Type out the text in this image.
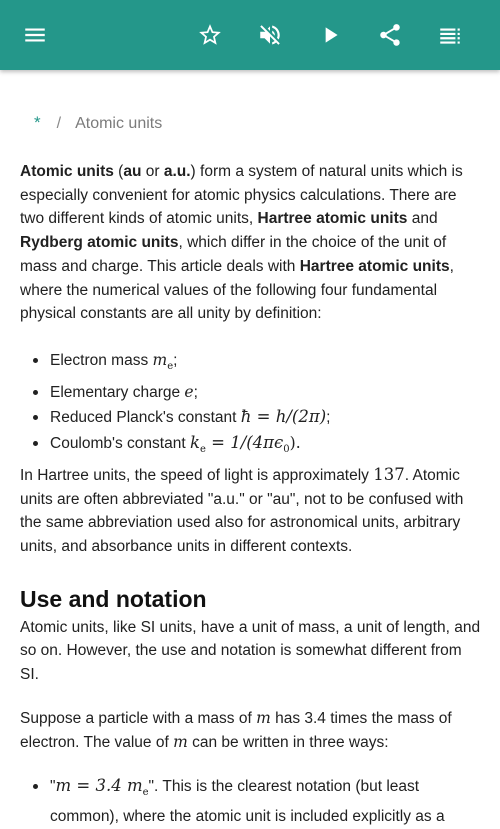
* / Atomic units

Atomic units (au or a.u.) form a system of natural units which is especially convenient for atomic physics calculations. There are two different kinds of atomic units, Hartree atomic units and Rydberg atomic units, which differ in the choice of the unit of mass and charge. This article deals with Hartree atomic units, where the numerical values of the following four fundamental physical constants are all unity by definition:

Electron mass $m_e$;
Elementary charge e;
Reduced Planck's constant ħ = h/(2π);
Coulomb's constant $k_e = 1/(4\pi\epsilon_0)$.

In Hartree units, the speed of light is approximately 137. Atomic units are often abbreviated "a.u." or "au", not to be confused with the same abbreviation used also for astronomical units, arbitrary units, and absorbance units in different contexts.

Use and notation

Atomic units, like SI units, have a unit of mass, a unit of length, and so on. However, the use and notation is somewhat different from SI.

Suppose a particle with a mass of m has 3.4 times the mass of electron. The value of m can be written in three ways:

"m = 3.4 $m_e$". This is the clearest notation (but least common), where the atomic unit is included explicitly as a
